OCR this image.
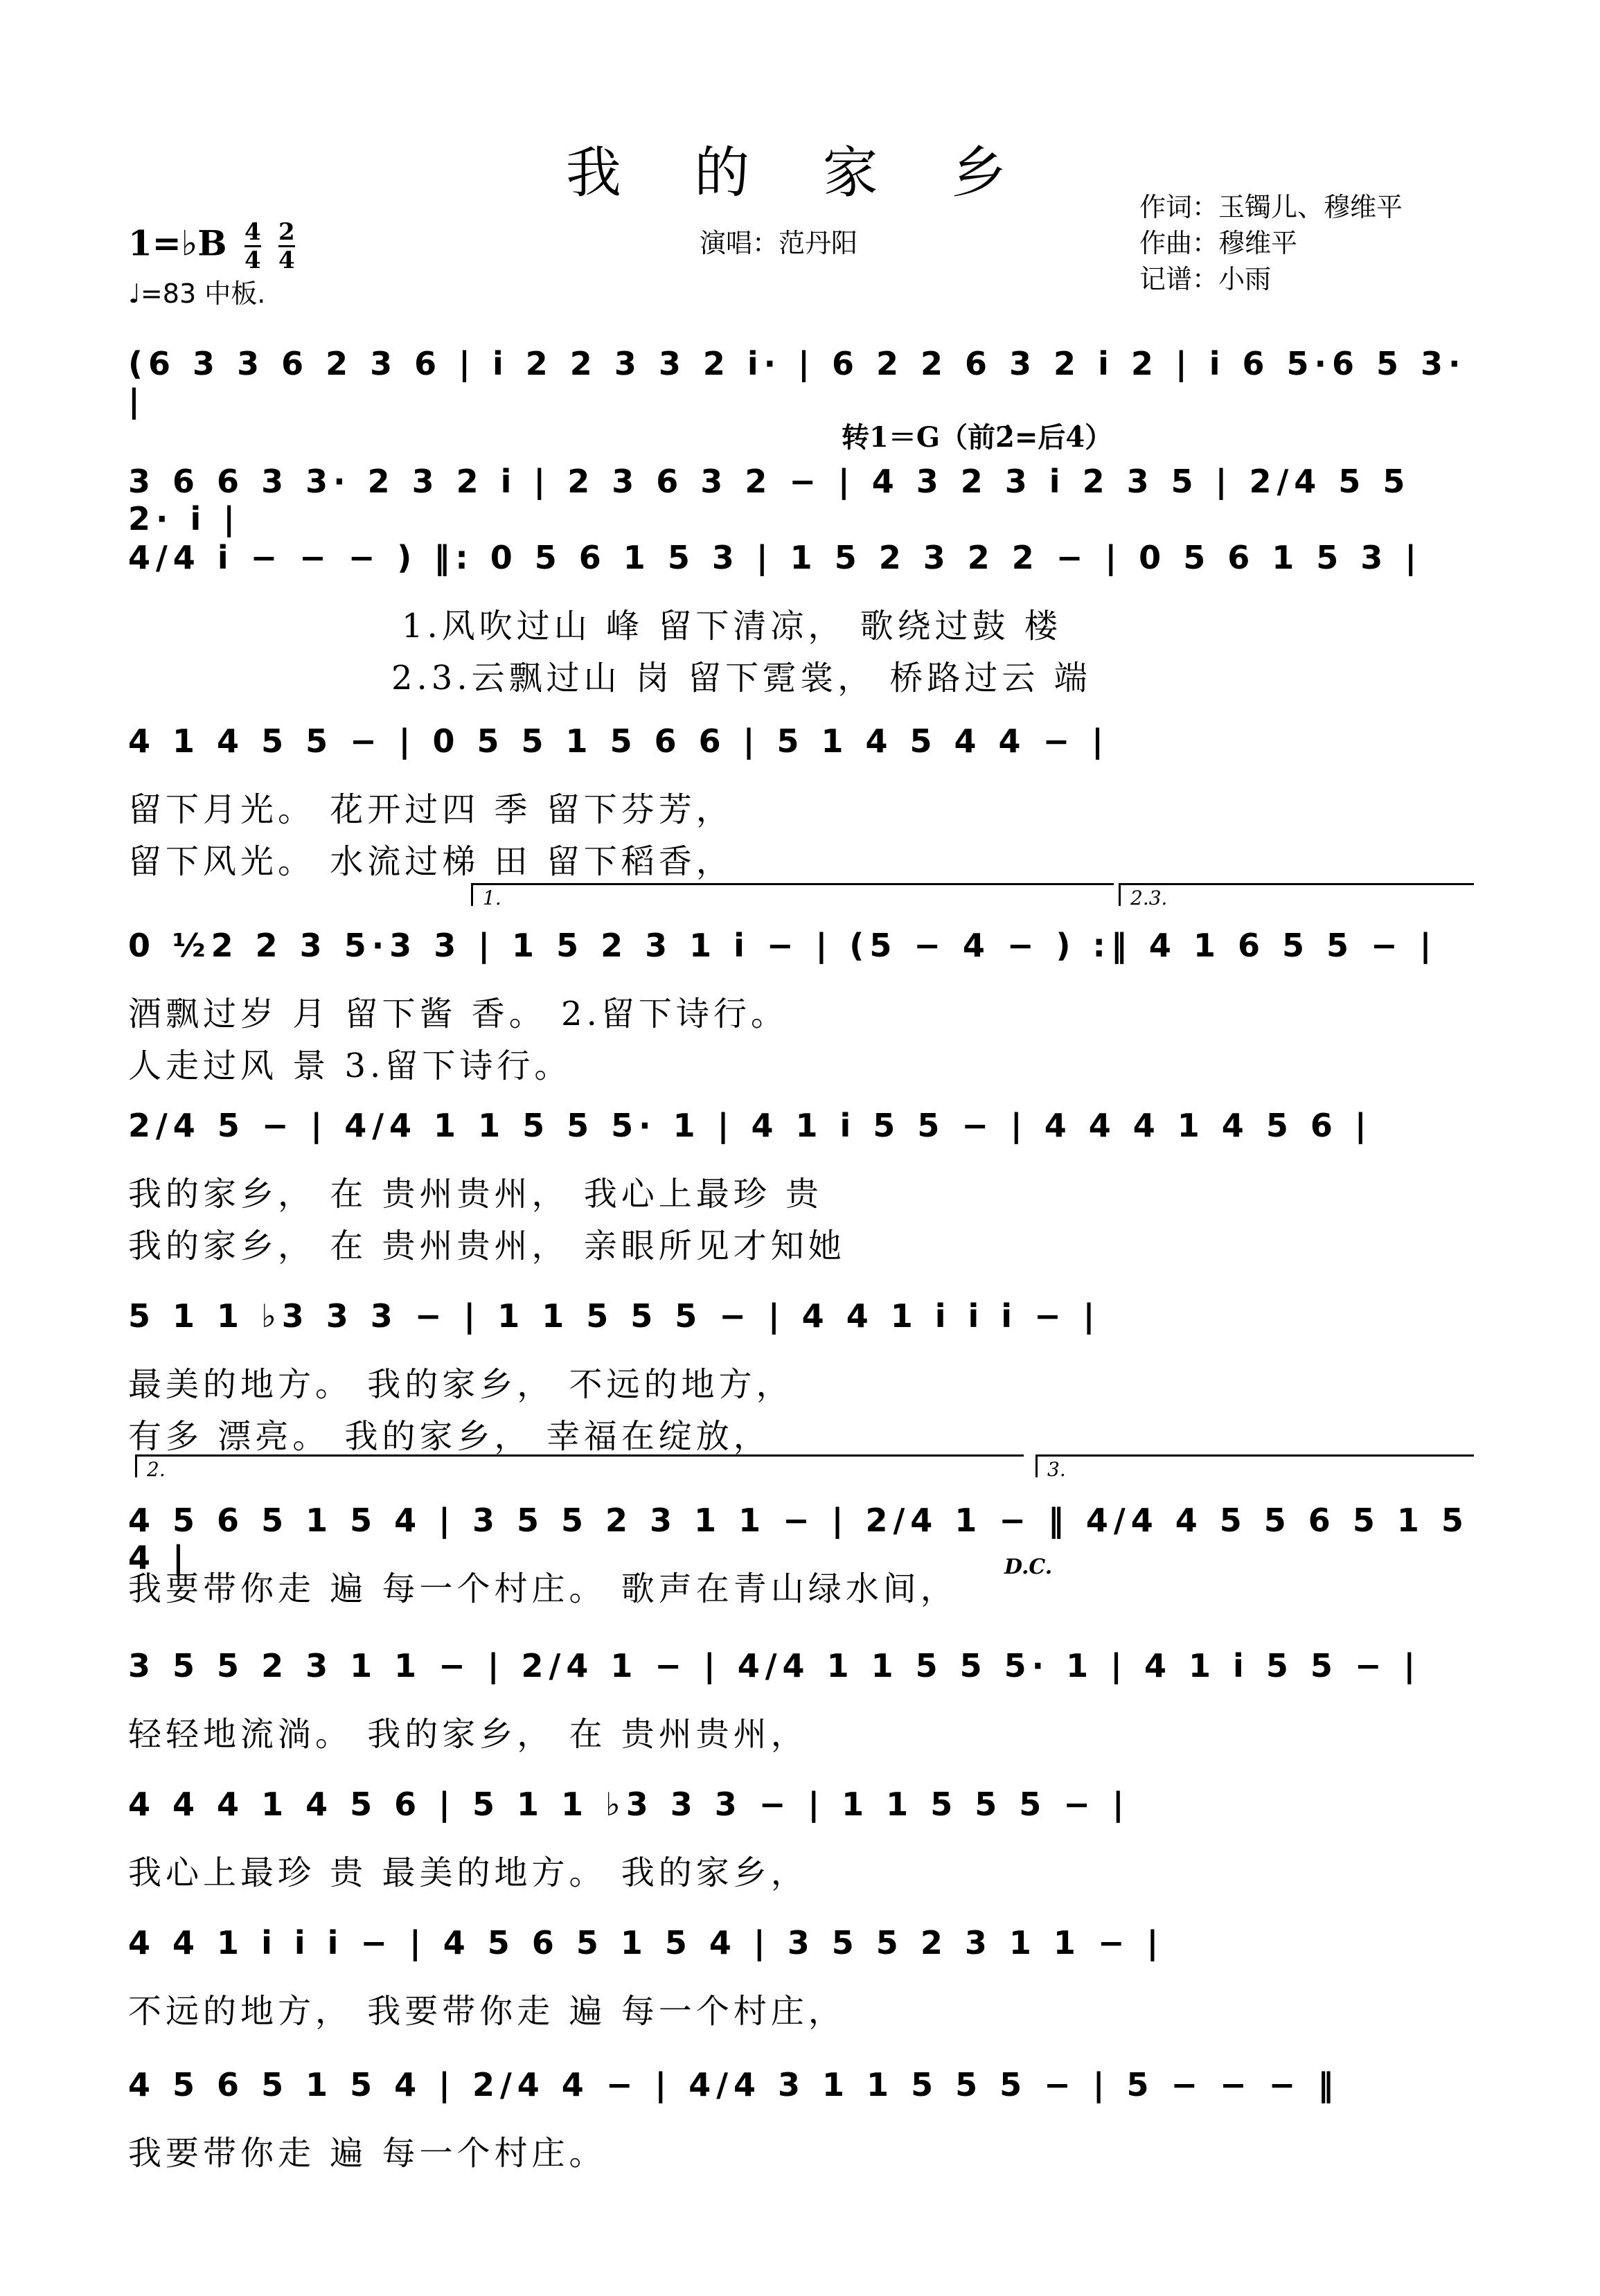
我 的 家 乡
作词：玉镯儿、穆维平
作曲：穆维平
记谱：小雨
演唱：范丹阳
1=♭B $\frac{4}{4}$
$\frac{2}{4}$
♩=83 中板.
转1＝G（前2̇=后4̇）
(6 3 3 6 2 3 6 | i 2 2 3 3 2 i· | 6 2 2 6 3 2 i 2 | i 6 5·6 5 3· |
3 6 6 3 3· 2 3 2 i | 2 3 6 3 2 − | 4 3 2 3 i 2 3 5 | 2/4 5 5 2· i |
4/4 i − − − ) ‖: 0 5 6 1 5 3 | 1 5 2 3 2 2 − | 0 5 6 1 5 3 |
1.风吹过山 峰 留下清凉， 歌绕过鼓 楼
2.3.云飘过山 岗 留下霓裳， 桥路过云 端
4 1 4 5 5 − | 0 5 5 1 5 6 6 | 5 1 4 5 4 4 − |
留下月光。 花开过四 季 留下芬芳，
留下风光。 水流过梯 田 留下稻香，
1.	2.3.
0 ½2 2 3 5·3 3 | 1 5 2 3 1 i − | (5 − 4 − ) :‖ 4 1 6 5 5 − |
酒飘过岁 月 留下酱 香。 2.留下诗行。
人走过风 景 3.留下诗行。
2/4 5 − | 4/4 1 1 5 5 5· 1 | 4 1 i 5 5 − | 4 4 4 1 4 5 6 |
我的家乡， 在 贵州贵州， 我心上最珍 贵
我的家乡， 在 贵州贵州， 亲眼所见才知她
5 1 1 ♭3 3 3 − | 1 1 5 5 5 − | 4 4 1 i i i − |
最美的地方。 我的家乡， 不远的地方，
有多 漂亮。 我的家乡， 幸福在绽放，
2.	3.
4 5 6 5 1 5 4 | 3 5 5 2 3 1 1 − | 2/4 1 − ‖ 4/4 4 5 5 6 5 1 5 4 |
我要带你走 遍 每一个村庄。 歌声在青山绿水间，
D.C.
3 5 5 2 3 1 1 − | 2/4 1 − | 4/4 1 1 5 5 5· 1 | 4 1 i 5 5 − |
轻轻地流淌。 我的家乡， 在 贵州贵州，
4 4 4 1 4 5 6 | 5 1 1 ♭3 3 3 − | 1 1 5 5 5 − |
我心上最珍 贵 最美的地方。 我的家乡，
4 4 1 i i i − | 4 5 6 5 1 5 4 | 3 5 5 2 3 1 1 − |
不远的地方， 我要带你走 遍 每一个村庄，
4 5 6 5 1 5 4 | 2/4 4 − | 4/4 3 1 1 5 5 5 − | 5 − − − ‖
我要带你走 遍 每一个村庄。
